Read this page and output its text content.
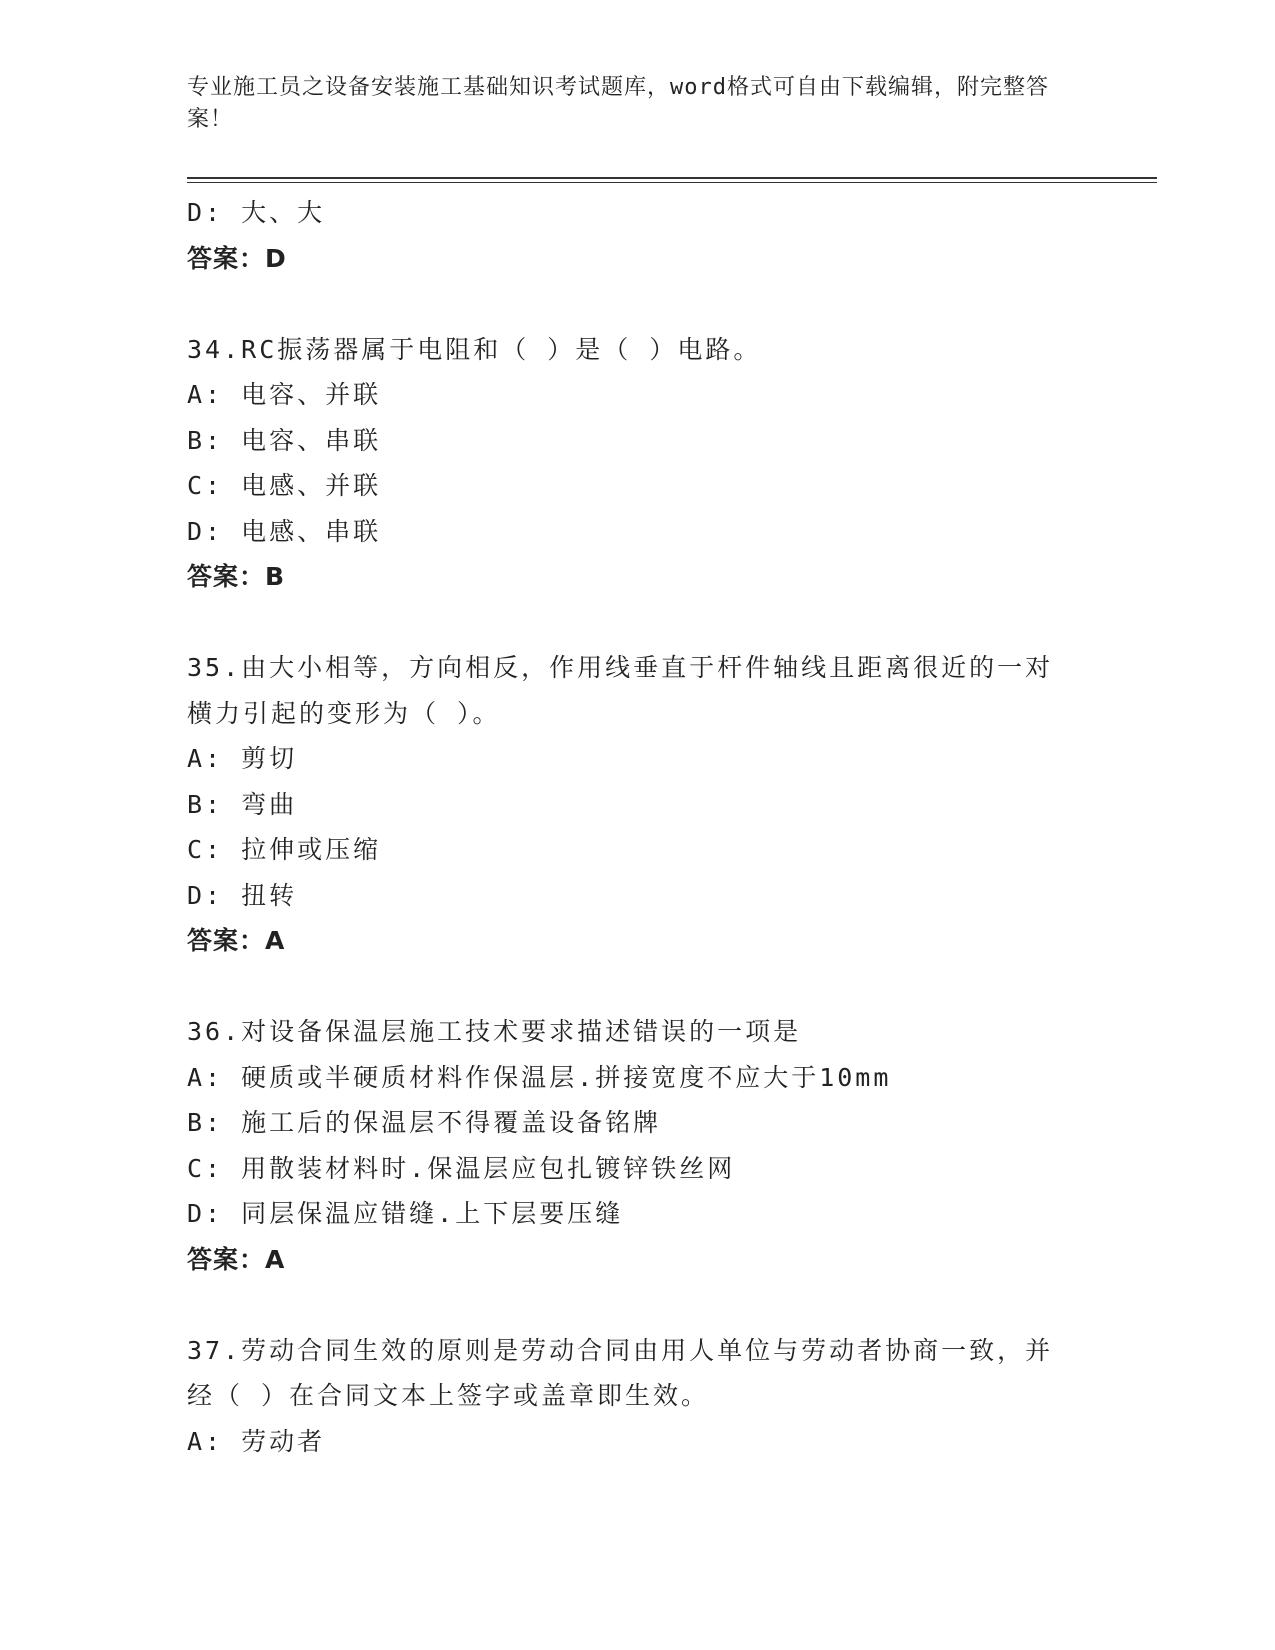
专业施工员之设备安装施工基础知识考试题库，word格式可自由下载编辑，附完整答案！
D: 大、大
答案：D
34.RC振荡器属于电阻和（ ）是（ ）电路。
A: 电容、并联
B: 电容、串联
C: 电感、并联
D: 电感、串联
答案：B
35.由大小相等，方向相反，作用线垂直于杆件轴线且距离很近的一对横力引起的变形为（ ）。
A: 剪切
B: 弯曲
C: 拉伸或压缩
D: 扭转
答案：A
36.对设备保温层施工技术要求描述错误的一项是
A: 硬质或半硬质材料作保温层.拼接宽度不应大于10mm
B: 施工后的保温层不得覆盖设备铭牌
C: 用散装材料时.保温层应包扎镀锌铁丝网
D: 同层保温应错缝.上下层要压缝
答案：A
37.劳动合同生效的原则是劳动合同由用人单位与劳动者协商一致，并经（ ）在合同文本上签字或盖章即生效。
A: 劳动者
